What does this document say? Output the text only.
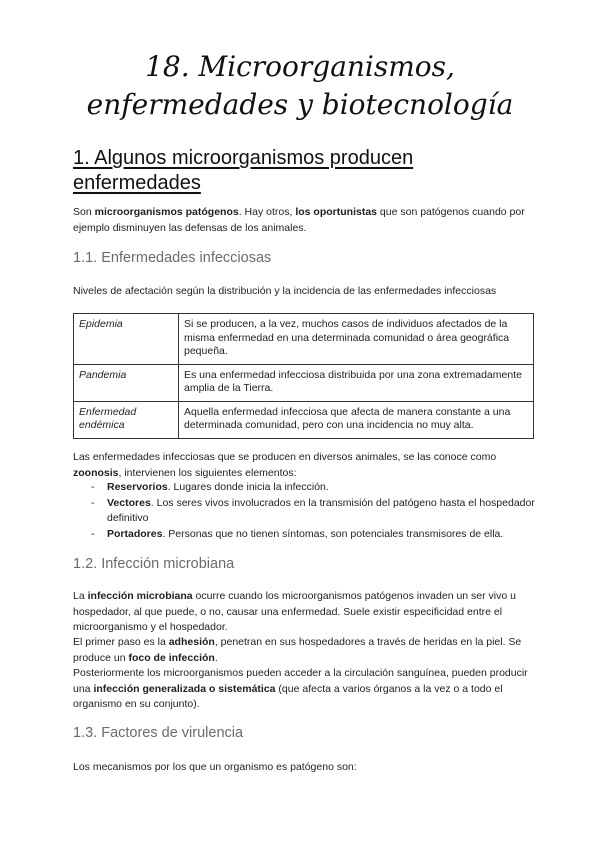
18. Microorganismos, enfermedades y biotecnología
1. Algunos microorganismos producen enfermedades
Son microorganismos patógenos. Hay otros, los oportunistas que son patógenos cuando por ejemplo disminuyen las defensas de los animales.
1.1. Enfermedades infecciosas
Niveles de afectación según la distribución y la incidencia de las enfermedades infecciosas
Epidemia	Si se producen, a la vez, muchos casos de individuos afectados de la misma enfermedad en una determinada comunidad o área geográfica pequeña.
Pandemia	Es una enfermedad infecciosa distribuida por una zona extremadamente amplia de la Tierra.
Enfermedad endémica	Aquella enfermedad infecciosa que afecta de manera constante a una determinada comunidad, pero con una incidencia no muy alta.
Las enfermedades infecciosas que se producen en diversos animales, se las conoce como zoonosis, intervienen los siguientes elementos:
- Reservorios. Lugares donde inicia la infección.
- Vectores. Los seres vivos involucrados en la transmisión del patógeno hasta el hospedador definitivo
- Portadores. Personas que no tienen síntomas, son potenciales transmisores de ella.
1.2. Infección microbiana
La infección microbiana ocurre cuando los microorganismos patógenos invaden un ser vivo u hospedador, al que puede, o no, causar una enfermedad. Suele existir especificidad entre el microorganismo y el hospedador.
El primer paso es la adhesión, penetran en sus hospedadores a través de heridas en la piel. Se produce un foco de infección.
Posteriormente los microorganismos pueden acceder a la circulación sanguínea, pueden producir una infección generalizada o sistemática (que afecta a varios órganos a la vez o a todo el organismo en su conjunto).
1.3. Factores de virulencia
Los mecanismos por los que un organismo es patógeno son:
